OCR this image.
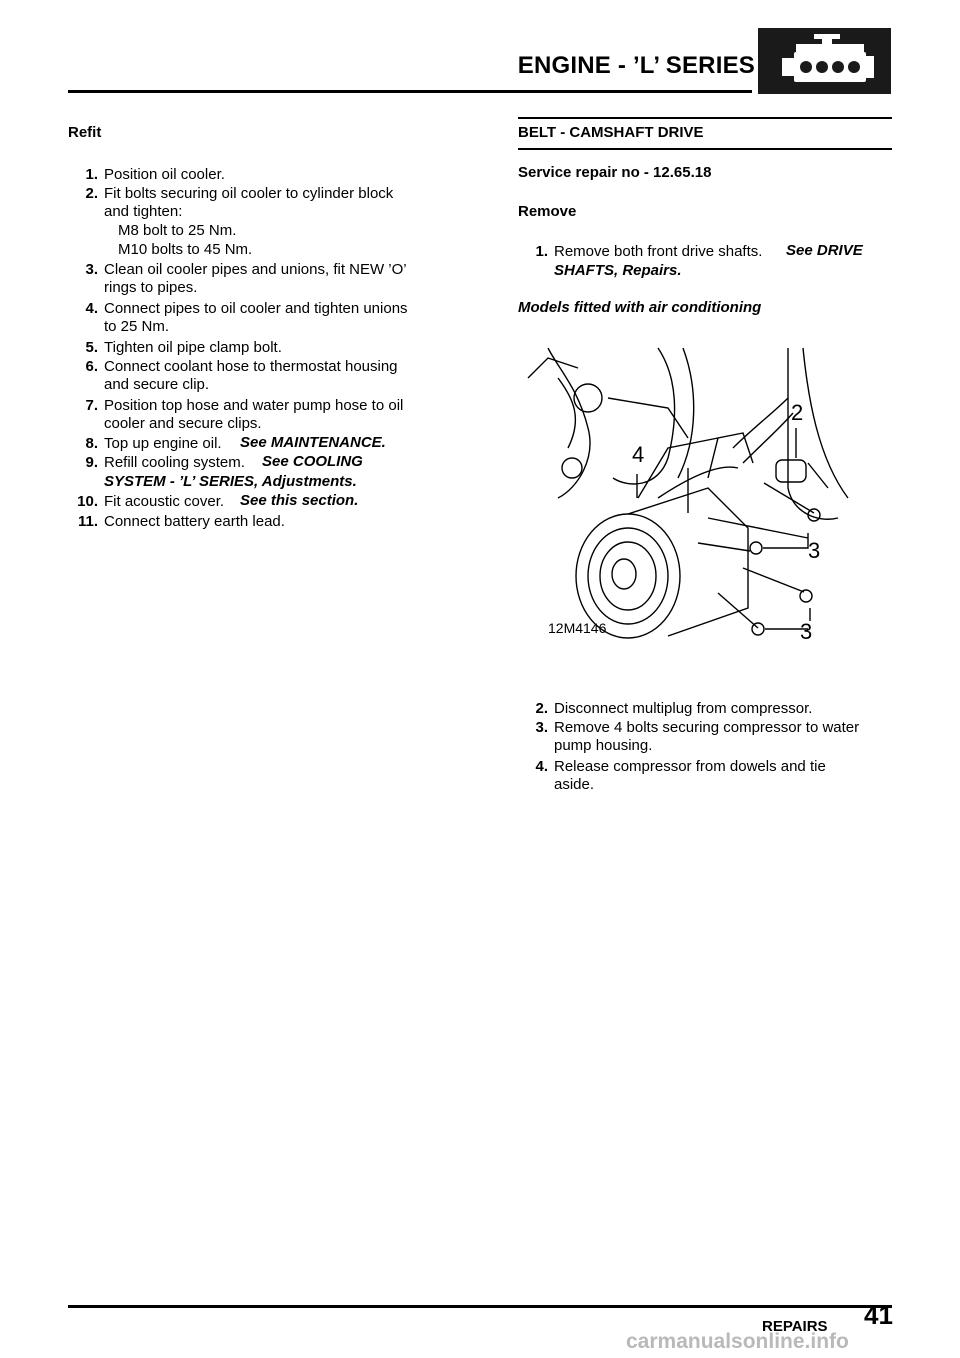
ENGINE - ’L’ SERIES
Refit
1. Position oil cooler.
2. Fit bolts securing oil cooler to cylinder block
and tighten:
M8 bolt to 25 Nm.
M10 bolts to 45 Nm.
3. Clean oil cooler pipes and unions, fit NEW ’O’
rings to pipes.
4. Connect pipes to oil cooler and tighten unions
to 25 Nm.
5. Tighten oil pipe clamp bolt.
6. Connect coolant hose to thermostat housing
and secure clip.
7. Position top hose and water pump hose to oil
cooler and secure clips.
8. Top up engine oil. See MAINTENANCE.
9. Refill cooling system. See COOLING
SYSTEM - ’L’ SERIES, Adjustments.
10. Fit acoustic cover. See this section.
11. Connect battery earth lead.
BELT - CAMSHAFT DRIVE
Service repair no - 12.65.18
Remove
1. Remove both front drive shafts. See DRIVE
SHAFTS, Repairs.
Models fitted with air conditioning
2
4
3
3
12M4146
2. Disconnect multiplug from compressor.
3. Remove 4 bolts securing compressor to water
pump housing.
4. Release compressor from dowels and tie
aside.
REPAIRS 41
carmanualsonline.info
